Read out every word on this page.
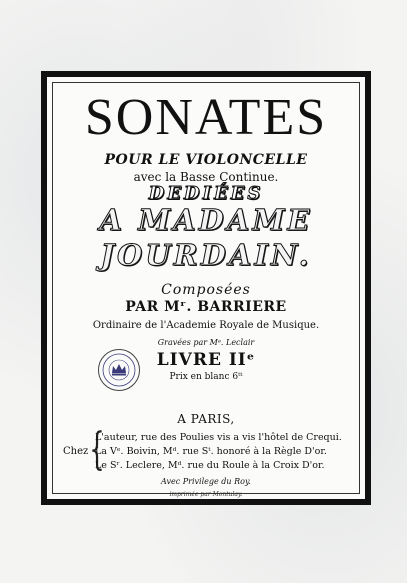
SONATES
POUR LE VIOLONCELLE
avec la Basse Continue.
DEDIÉES
A MADAME
JOURDAIN.
Composées
PAR Mʳ. BARRIERE
Ordinaire de l'Academie Royale de Musique.
Gravées par Mᵉ. Leclair
LIVRE IIᵉ
Prix en blanc 6ᵗᵗ
A PARIS,
Chez {
L'auteur, rue des Poulies vis a vis l'hôtel de Crequi.
La Vᵉ. Boivin, Mᵈ. rue Sᵗ. honoré à la Règle D'or.
Le Sʳ. Leclere, Mᵈ. rue du Roule à la Croix D'or.
Avec Privilege du Roy.
imprimée par Montulay.
